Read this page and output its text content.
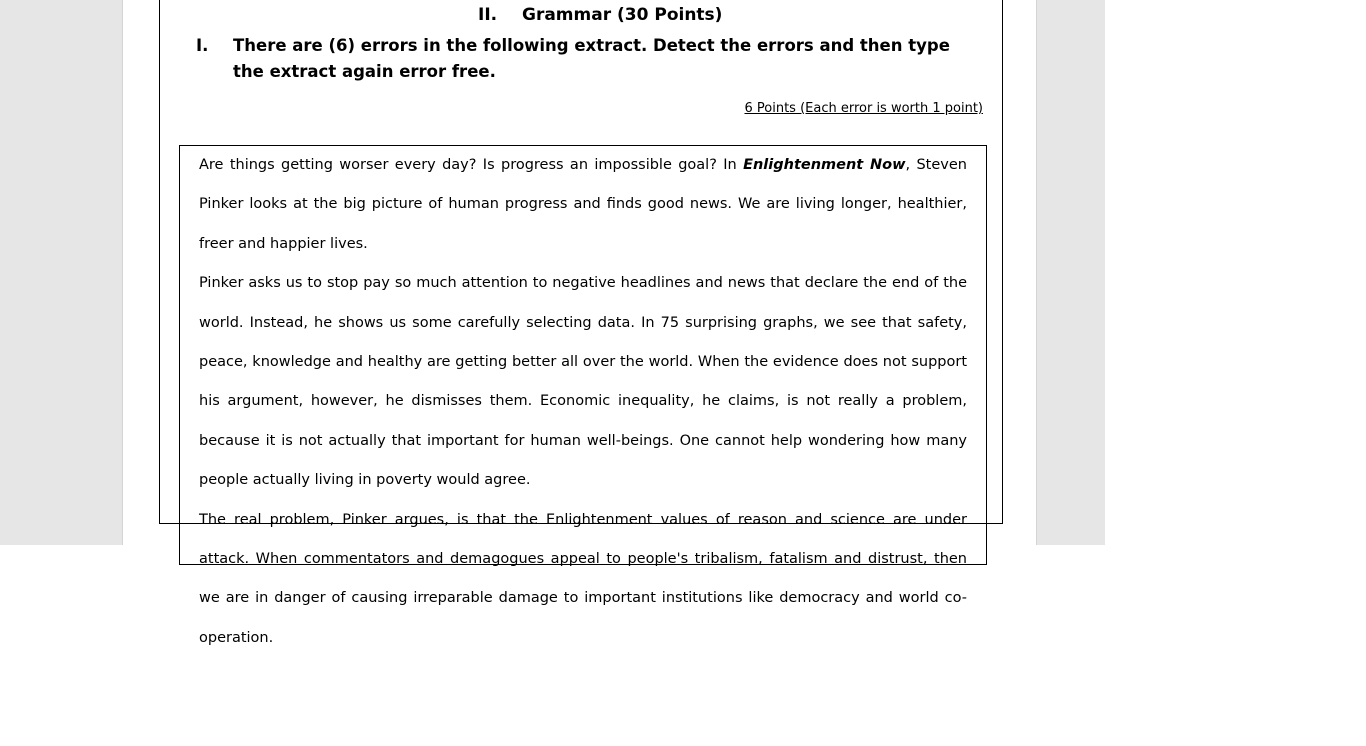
II. Grammar (30 Points)
I. There are (6) errors in the following extract. Detect the errors and then type the extract again error free.
6 Points (Each error is worth 1 point)

Are things getting worser every day? Is progress an impossible goal? In Enlightenment Now, Steven Pinker looks at the big picture of human progress and finds good news. We are living longer, healthier, freer and happier lives.

Pinker asks us to stop pay so much attention to negative headlines and news that declare the end of the world. Instead, he shows us some carefully selecting data. In 75 surprising graphs, we see that safety, peace, knowledge and healthy are getting better all over the world. When the evidence does not support his argument, however, he dismisses them. Economic inequality, he claims, is not really a problem, because it is not actually that important for human well-beings. One cannot help wondering how many people actually living in poverty would agree.

The real problem, Pinker argues, is that the Enlightenment values of reason and science are under attack. When commentators and demagogues appeal to people's tribalism, fatalism and distrust, then we are in danger of causing irreparable damage to important institutions like democracy and world co-operation.
